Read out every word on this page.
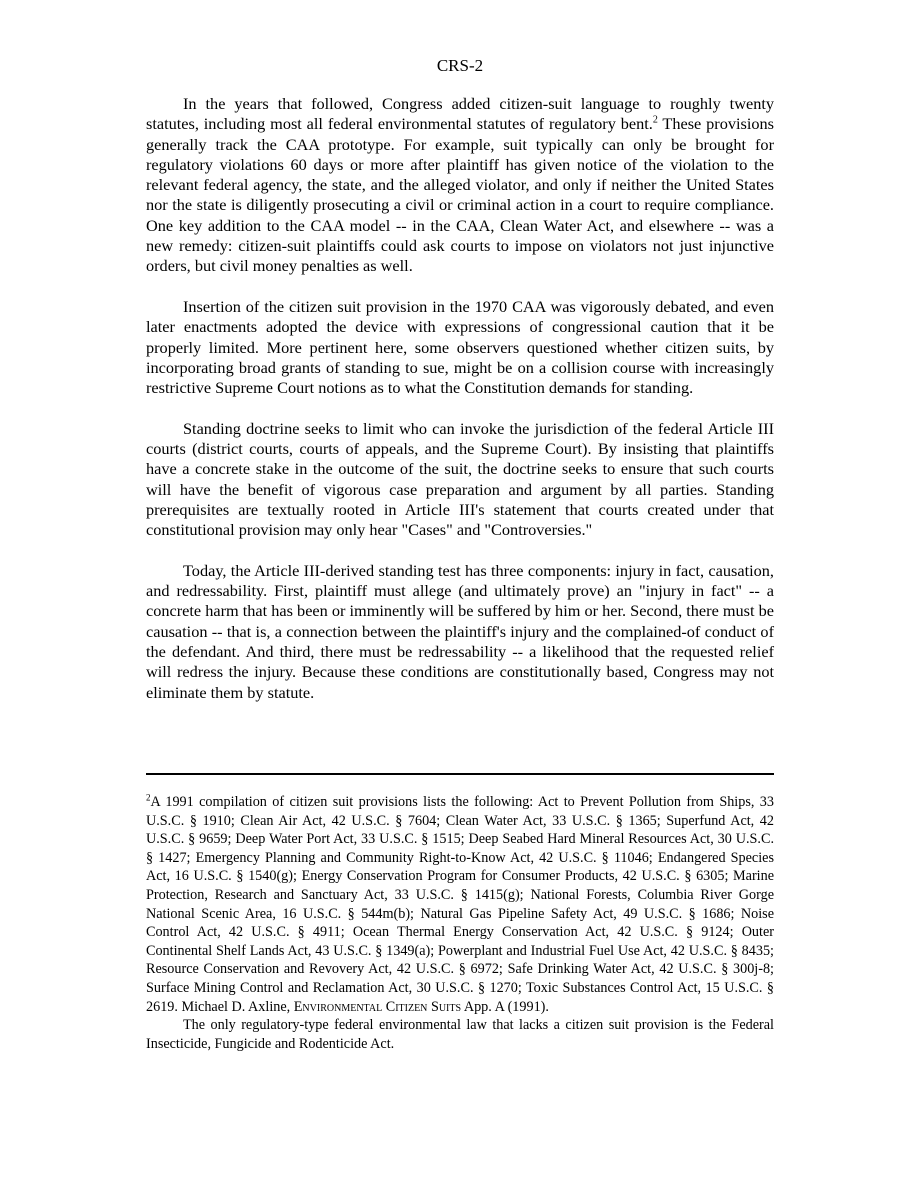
CRS-2

In the years that followed, Congress added citizen-suit language to roughly twenty statutes, including most all federal environmental statutes of regulatory bent.$^2$ These provisions generally track the CAA prototype. For example, suit typically can only be brought for regulatory violations 60 days or more after plaintiff has given notice of the violation to the relevant federal agency, the state, and the alleged violator, and only if neither the United States nor the state is diligently prosecuting a civil or criminal action in a court to require compliance. One key addition to the CAA model -- in the CAA, Clean Water Act, and elsewhere -- was a new remedy: citizen-suit plaintiffs could ask courts to impose on violators not just injunctive orders, but civil money penalties as well.

Insertion of the citizen suit provision in the 1970 CAA was vigorously debated, and even later enactments adopted the device with expressions of congressional caution that it be properly limited. More pertinent here, some observers questioned whether citizen suits, by incorporating broad grants of standing to sue, might be on a collision course with increasingly restrictive Supreme Court notions as to what the Constitution demands for standing.

Standing doctrine seeks to limit who can invoke the jurisdiction of the federal Article III courts (district courts, courts of appeals, and the Supreme Court). By insisting that plaintiffs have a concrete stake in the outcome of the suit, the doctrine seeks to ensure that such courts will have the benefit of vigorous case preparation and argument by all parties. Standing prerequisites are textually rooted in Article III's statement that courts created under that constitutional provision may only hear "Cases" and "Controversies."

Today, the Article III-derived standing test has three components: injury in fact, causation, and redressability. First, plaintiff must allege (and ultimately prove) an "injury in fact" -- a concrete harm that has been or imminently will be suffered by him or her. Second, there must be causation -- that is, a connection between the plaintiff's injury and the complained-of conduct of the defendant. And third, there must be redressability -- a likelihood that the requested relief will redress the injury. Because these conditions are constitutionally based, Congress may not eliminate them by statute.

$^2$A 1991 compilation of citizen suit provisions lists the following: Act to Prevent Pollution from Ships, 33 U.S.C. § 1910; Clean Air Act, 42 U.S.C. § 7604; Clean Water Act, 33 U.S.C. § 1365; Superfund Act, 42 U.S.C. § 9659; Deep Water Port Act, 33 U.S.C. § 1515; Deep Seabed Hard Mineral Resources Act, 30 U.S.C. § 1427; Emergency Planning and Community Right-to-Know Act, 42 U.S.C. § 11046; Endangered Species Act, 16 U.S.C. § 1540(g); Energy Conservation Program for Consumer Products, 42 U.S.C. § 6305; Marine Protection, Research and Sanctuary Act, 33 U.S.C. § 1415(g); National Forests, Columbia River Gorge National Scenic Area, 16 U.S.C. § 544m(b); Natural Gas Pipeline Safety Act, 49 U.S.C. § 1686; Noise Control Act, 42 U.S.C. § 4911; Ocean Thermal Energy Conservation Act, 42 U.S.C. § 9124; Outer Continental Shelf Lands Act, 43 U.S.C. § 1349(a); Powerplant and Industrial Fuel Use Act, 42 U.S.C. § 8435; Resource Conservation and Revovery Act, 42 U.S.C. § 6972; Safe Drinking Water Act, 42 U.S.C. § 300j-8; Surface Mining Control and Reclamation Act, 30 U.S.C. § 1270; Toxic Substances Control Act, 15 U.S.C. § 2619. Michael D. Axline, Environmental Citizen Suits App. A (1991).

The only regulatory-type federal environmental law that lacks a citizen suit provision is the Federal Insecticide, Fungicide and Rodenticide Act.
